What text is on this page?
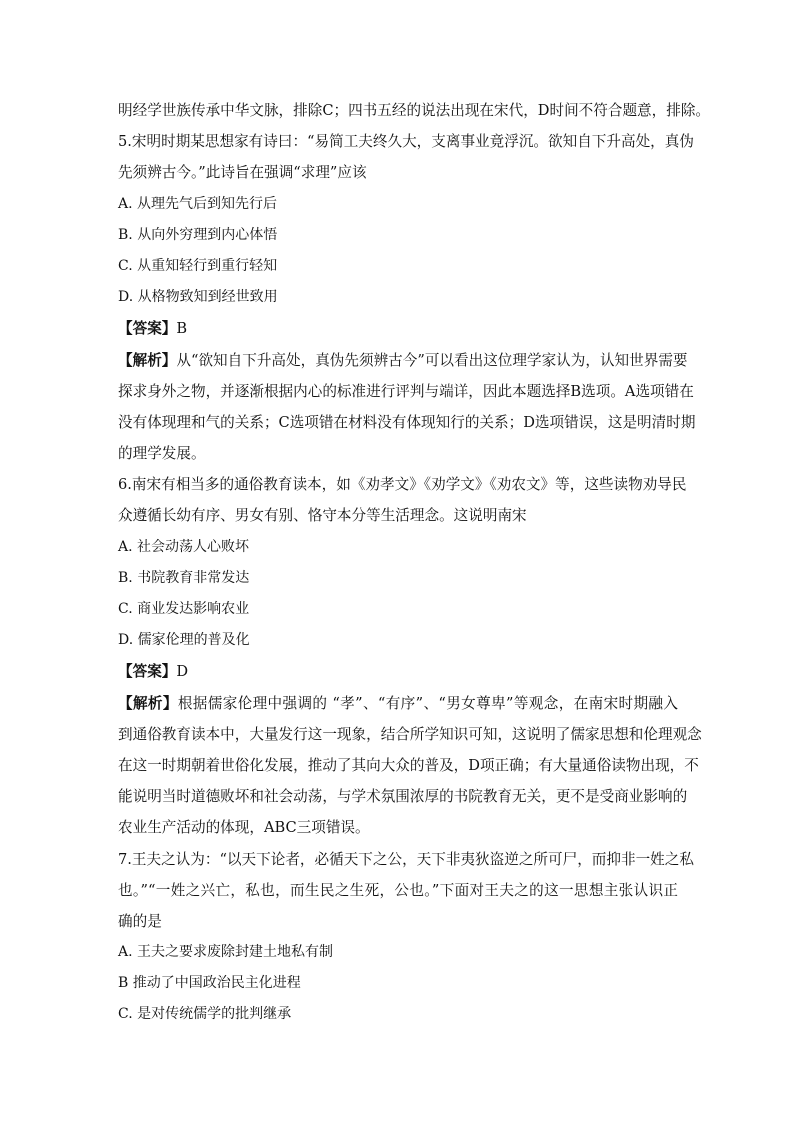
明经学世族传承中华文脉，排除C；四书五经的说法出现在宋代，D时间不符合题意，排除。
5.宋明时期某思想家有诗曰：“易简工夫终久大，支离事业竟浮沉。欲知自下升高处，真伪
先须辨古今。”此诗旨在强调“求理”应该
A. 从理先气后到知先行后
B. 从向外穷理到内心体悟
C. 从重知轻行到重行轻知
D. 从格物致知到经世致用
【答案】B
【解析】从“欲知自下升高处，真伪先须辨古今”可以看出这位理学家认为，认知世界需要
探求身外之物，并逐渐根据内心的标准进行评判与端详，因此本题选择B选项。A选项错在
没有体现理和气的关系；C选项错在材料没有体现知行的关系；D选项错误，这是明清时期
的理学发展。
6.南宋有相当多的通俗教育读本，如《劝孝文》《劝学文》《劝农文》等，这些读物劝导民
众遵循长幼有序、男女有别、恪守本分等生活理念。这说明南宋
A. 社会动荡人心败坏
B. 书院教育非常发达
C. 商业发达影响农业
D. 儒家伦理的普及化
【答案】D
【解析】根据儒家伦理中强调的 “孝”、“有序”、“男女尊卑”等观念，在南宋时期融入
到通俗教育读本中，大量发行这一现象，结合所学知识可知，这说明了儒家思想和伦理观念
在这一时期朝着世俗化发展，推动了其向大众的普及，D项正确；有大量通俗读物出现，不
能说明当时道德败坏和社会动荡，与学术氛围浓厚的书院教育无关，更不是受商业影响的
农业生产活动的体现，ABC三项错误。
7.王夫之认为：“以天下论者，必循天下之公，天下非夷狄盗逆之所可尸，而抑非一姓之私
也。”“一姓之兴亡，私也，而生民之生死，公也。”下面对王夫之的这一思想主张认识正
确的是
A. 王夫之要求废除封建土地私有制
B 推动了中国政治民主化进程
C. 是对传统儒学的批判继承
